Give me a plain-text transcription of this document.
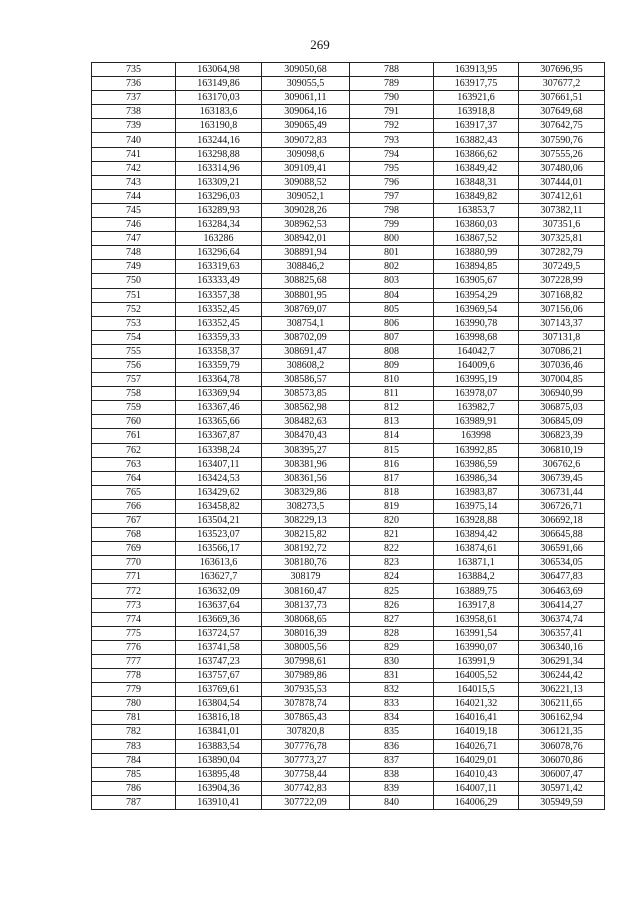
269
735	163064,98	309050,68	788	163913,95	307696,95
736	163149,86	309055,5	789	163917,75	307677,2
737	163170,03	309061,11	790	163921,6	307661,51
738	163183,6	309064,16	791	163918,8	307649,68
739	163190,8	309065,49	792	163917,37	307642,75
740	163244,16	309072,83	793	163882,43	307590,76
741	163298,88	309098,6	794	163866,62	307555,26
742	163314,96	309109,41	795	163849,42	307480,06
743	163309,21	309088,52	796	163848,31	307444,01
744	163296,03	309052,1	797	163849,82	307412,61
745	163289,93	309028,26	798	163853,7	307382,11
746	163284,34	308962,53	799	163860,03	307351,6
747	163286	308942,01	800	163867,52	307325,81
748	163296,64	308891,94	801	163880,99	307282,79
749	163319,63	308846,2	802	163894,85	307249,5
750	163333,49	308825,68	803	163905,67	307228,99
751	163357,38	308801,95	804	163954,29	307168,82
752	163352,45	308769,07	805	163969,54	307156,06
753	163352,45	308754,1	806	163990,78	307143,37
754	163359,33	308702,09	807	163998,68	307131,8
755	163358,37	308691,47	808	164042,7	307086,21
756	163359,79	308608,2	809	164009,6	307036,46
757	163364,78	308586,57	810	163995,19	307004,85
758	163369,94	308573,85	811	163978,07	306940,99
759	163367,46	308562,98	812	163982,7	306875,03
760	163365,66	308482,63	813	163989,91	306845,09
761	163367,87	308470,43	814	163998	306823,39
762	163398,24	308395,27	815	163992,85	306810,19
763	163407,11	308381,96	816	163986,59	306762,6
764	163424,53	308361,56	817	163986,34	306739,45
765	163429,62	308329,86	818	163983,87	306731,44
766	163458,82	308273,5	819	163975,14	306726,71
767	163504,21	308229,13	820	163928,88	306692,18
768	163523,07	308215,82	821	163894,42	306645,88
769	163566,17	308192,72	822	163874,61	306591,66
770	163613,6	308180,76	823	163871,1	306534,05
771	163627,7	308179	824	163884,2	306477,83
772	163632,09	308160,47	825	163889,75	306463,69
773	163637,64	308137,73	826	163917,8	306414,27
774	163669,36	308068,65	827	163958,61	306374,74
775	163724,57	308016,39	828	163991,54	306357,41
776	163741,58	308005,56	829	163990,07	306340,16
777	163747,23	307998,61	830	163991,9	306291,34
778	163757,67	307989,86	831	164005,52	306244,42
779	163769,61	307935,53	832	164015,5	306221,13
780	163804,54	307878,74	833	164021,32	306211,65
781	163816,18	307865,43	834	164016,41	306162,94
782	163841,01	307820,8	835	164019,18	306121,35
783	163883,54	307776,78	836	164026,71	306078,76
784	163890,04	307773,27	837	164029,01	306070,86
785	163895,48	307758,44	838	164010,43	306007,47
786	163904,36	307742,83	839	164007,11	305971,42
787	163910,41	307722,09	840	164006,29	305949,59
